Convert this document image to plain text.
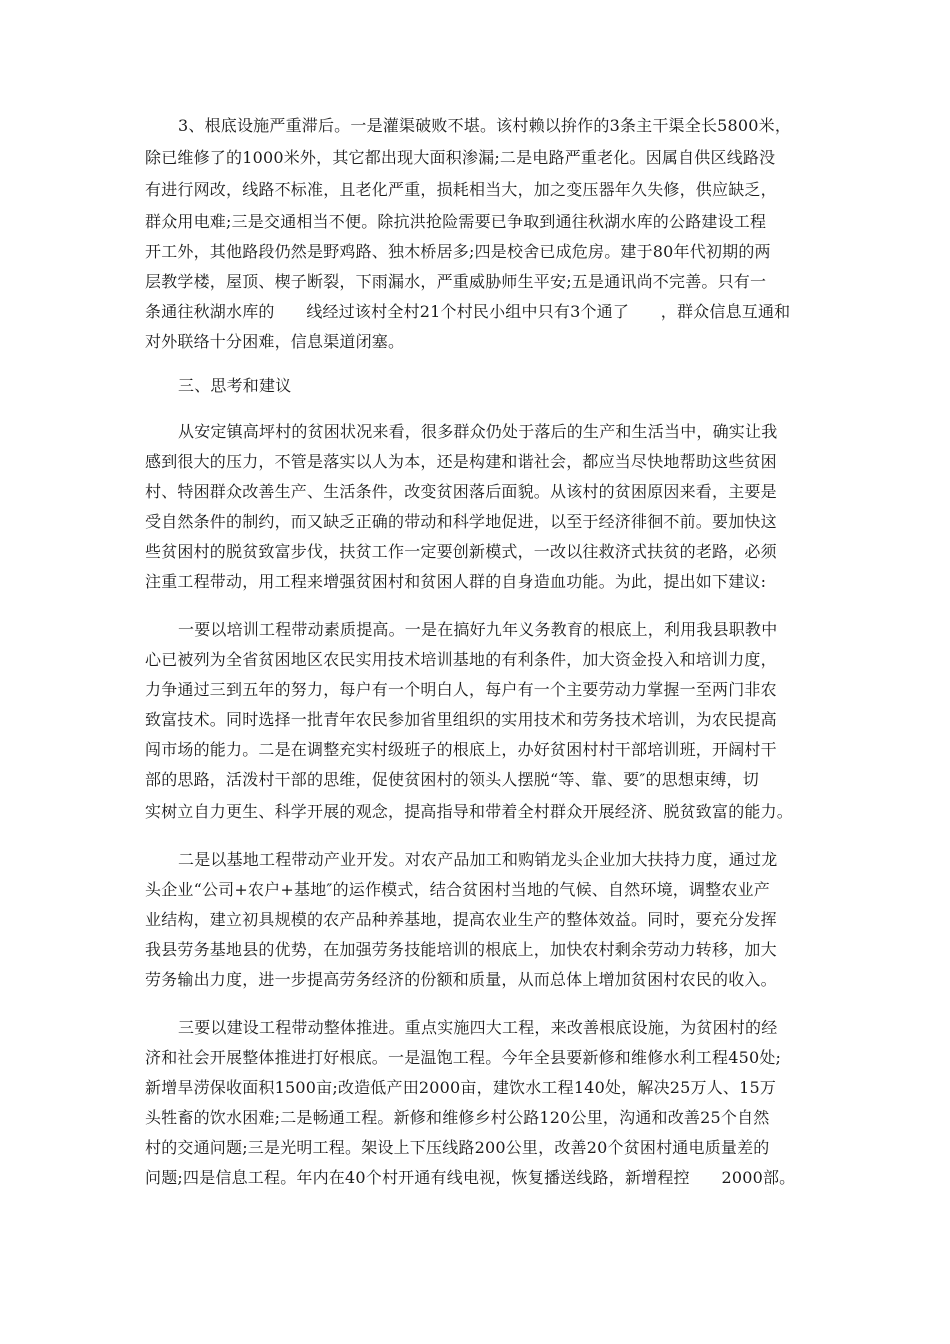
3、根底设施严重滞后。一是灌渠破败不堪。该村赖以拚作的3条主干渠全长5800米，
除已维修了的1000米外，其它都出现大面积渗漏;二是电路严重老化。因属自供区线路没
有进行网改，线路不标准，且老化严重，损耗相当大，加之变压器年久失修，供应缺乏，
群众用电难;三是交通相当不便。除抗洪抢险需要已争取到通往秋湖水库的公路建设工程
开工外，其他路段仍然是野鸡路、独木桥居多;四是校舍已成危房。建于80年代初期的两
层教学楼，屋顶、楔子断裂，下雨漏水，严重威胁师生平安;五是通讯尚不完善。只有一
条通往秋湖水库的      线经过该村全村21个村民小组中只有3个通了      ，群众信息互通和
对外联络十分困难，信息渠道闭塞。
三、思考和建议
从安定镇高坪村的贫困状况来看，很多群众仍处于落后的生产和生活当中，确实让我
感到很大的压力，不管是落实以人为本，还是构建和谐社会，都应当尽快地帮助这些贫困
村、特困群众改善生产、生活条件，改变贫困落后面貌。从该村的贫困原因来看，主要是
受自然条件的制约，而又缺乏正确的带动和科学地促进，以至于经济徘徊不前。要加快这
些贫困村的脱贫致富步伐，扶贫工作一定要创新模式，一改以往救济式扶贫的老路，必须
注重工程带动，用工程来增强贫困村和贫困人群的自身造血功能。为此，提出如下建议:
一要以培训工程带动素质提高。一是在搞好九年义务教育的根底上，利用我县职教中
心已被列为全省贫困地区农民实用技术培训基地的有利条件，加大资金投入和培训力度，
力争通过三到五年的努力，每户有一个明白人，每户有一个主要劳动力掌握一至两门非农
致富技术。同时选择一批青年农民参加省里组织的实用技术和劳务技术培训，为农民提高
闯市场的能力。二是在调整充实村级班子的根底上，办好贫困村村干部培训班，开阔村干
部的思路，活泼村干部的思维，促使贫困村的领头人摆脱“等、靠、要″的思想束缚，切
实树立自力更生、科学开展的观念，提高指导和带着全村群众开展经济、脱贫致富的能力。
二是以基地工程带动产业开发。对农产品加工和购销龙头企业加大扶持力度，通过龙
头企业“公司+农户+基地″的运作模式，结合贫困村当地的气候、自然环境，调整农业产
业结构，建立初具规模的农产品种养基地，提高农业生产的整体效益。同时，要充分发挥
我县劳务基地县的优势，在加强劳务技能培训的根底上，加快农村剩余劳动力转移，加大
劳务输出力度，进一步提高劳务经济的份额和质量，从而总体上增加贫困村农民的收入。
三要以建设工程带动整体推进。重点实施四大工程，来改善根底设施，为贫困村的经
济和社会开展整体推进打好根底。一是温饱工程。今年全县要新修和维修水利工程450处;
新增旱涝保收面积1500亩;改造低产田2000亩，建饮水工程140处，解决25万人、15万
头牲畜的饮水困难;二是畅通工程。新修和维修乡村公路120公里，沟通和改善25个自然
村的交通问题;三是光明工程。架设上下压线路200公里，改善20个贫困村通电质量差的
问题;四是信息工程。年内在40个村开通有线电视，恢复播送线路，新增程控      2000部。
